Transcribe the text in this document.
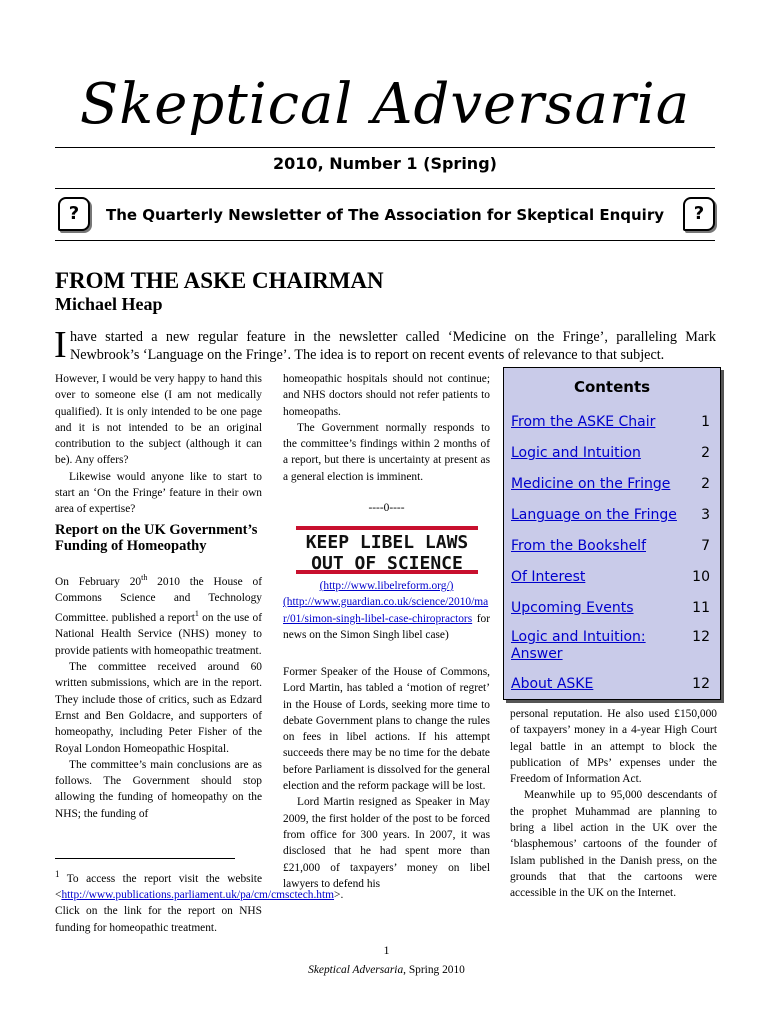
Skeptical Adversaria
2010, Number 1 (Spring)
?	The Quarterly Newsletter of The Association for Skeptical Enquiry	?
FROM THE ASKE CHAIRMAN
Michael Heap
I have started a new regular feature in the newsletter called ‘Medicine on the Fringe’, paralleling Mark Newbrook’s ‘Language on the Fringe’. The idea is to report on recent events of relevance to that subject.

However, I would be very happy to hand this over to someone else (I am not medically qualified). It is only intended to be one page and it is not intended to be an original contribution to the subject (although it can be). Any offers?

Likewise would anyone like to start to start an ‘On the Fringe’ feature in their own area of expertise?

Report on the UK Government’s Funding of Homeopathy

On February 20th 2010 the House of Commons Science and Technology Committee. published a report$^1$ on the use of National Health Service (NHS) money to provide patients with homeopathic treatment.

The committee received around 60 written submissions, which are in the report. They include those of critics, such as Edzard Ernst and Ben Goldacre, and supporters of homeopathy, including Peter Fisher of the Royal London Homeopathic Hospital.

The committee’s main conclusions are as follows. The Government should stop allowing the funding of homeopathy on the NHS; the funding of

$^1$ To access the report visit the website <http://www.publications.parliament.uk/pa/cm/cmsctech.htm>. Click on the link for the report on NHS funding for homeopathic treatment.

homeopathic hospitals should not continue; and NHS doctors should not refer patients to homeopaths.

The Government normally responds to the committee’s findings within 2 months of a report, but there is uncertainty at present as a general election is imminent.

----0----
KEEP LIBEL LAWS
OUT OF SCIENCE

(http://www.libelreform.org/)

(http://www.guardian.co.uk/science/2010/mar/01/simon-singh-libel-case-chiropractors for news on the Simon Singh libel case)

Former Speaker of the House of Commons, Lord Martin, has tabled a ‘motion of regret’ in the House of Lords, seeking more time to debate Government plans to change the rules on fees in libel actions. If his attempt succeeds there may be no time for the debate before Parliament is dissolved for the general election and the reform package will be lost.

Lord Martin resigned as Speaker in May 2009, the first holder of the post to be forced from office for 300 years. In 2007, it was disclosed that he had spent more than £21,000 of taxpayers’ money on libel lawyers to defend his

Contents
From the ASKE Chair	1
Logic and Intuition	2
Medicine on the Fringe 2
Language on the Fringe 3
From the Bookshelf	7
Of Interest	10
Upcoming Events	11
Logic and Intuition: Answer
12
About ASKE	12

personal reputation. He also used £150,000 of taxpayers’ money in a 4-year High Court legal battle in an attempt to block the publication of MPs’ expenses under the Freedom of Information Act.

Meanwhile up to 95,000 descendants of the prophet Muhammad are planning to bring a libel action in the UK over the ‘blasphemous’ cartoons of the founder of Islam published in the Danish press, on the grounds that that the cartoons were accessible in the UK on the Internet.

1
Skeptical Adversaria, Spring 2010
